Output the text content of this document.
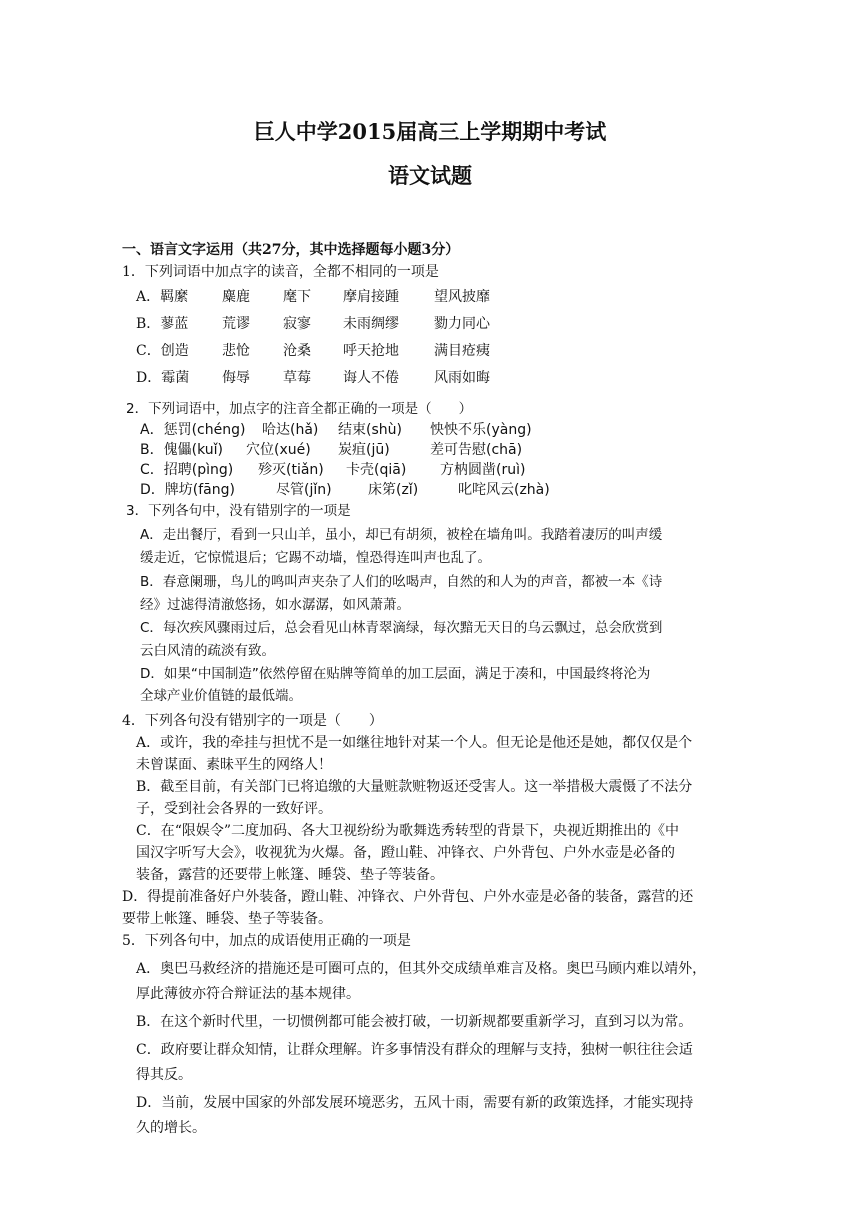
巨人中学2015届高三上学期期中考试
语文试题
一、语言文字运用（共27分，其中选择题每小题3分）
1．下列词语中加点字的读音，全都不相同的一项是
A．羁縻 麋鹿 麾下 摩肩接踵	望风披靡
B．蓼蓝 荒谬 寂寥 未雨绸缪	勠力同心
C．创造 悲怆 沧桑 呼天抢地	满目疮痍
D．霉菌 侮辱 草莓 诲人不倦	风雨如晦
2．下列词语中，加点字的注音全都正确的一项是（　　）
A．惩罚(chéng) 哈达(hǎ) 结束(shù) 怏怏不乐(yàng)
B．傀儡(kuǐ) 穴位(xué) 炭疽(jū)	差可告慰(chā)
C．招聘(pìng) 殄灭(tiǎn) 卡壳(qiā) 方枘圆凿(ruì)
D．牌坊(fāng)	尽管(jǐn)	床笫(zǐ)	叱咤风云(zhà)
3．下列各句中，没有错别字的一项是
A．走出餐厅，看到一只山羊，虽小，却已有胡须，被栓在墙角叫。我踏着凄厉的叫声缓
缓走近，它惊慌退后；它踢不动墙，惶恐得连叫声也乱了。
B．春意阑珊，鸟儿的鸣叫声夹杂了人们的吆喝声，自然的和人为的声音，都被一本《诗
经》过滤得清澈悠扬，如水潺潺，如风萧萧。
C．每次疾风骤雨过后，总会看见山林青翠滴绿，每次黯无天日的乌云飘过，总会欣赏到
云白风清的疏淡有致。
D．如果“中国制造”依然停留在贴牌等简单的加工层面，满足于凑和，中国最终将沦为
全球产业价值链的最低端。
4．下列各句没有错别字的一项是（　　）
A．或许，我的牵挂与担忧不是一如继往地针对某一个人。但无论是他还是她，都仅仅是个
未曾谋面、素昧平生的网络人！
B．截至目前，有关部门已将追缴的大量赃款赃物返还受害人。这一举措极大震慑了不法分
子，受到社会各界的一致好评。
C．在“限娱令”二度加码、各大卫视纷纷为歌舞选秀转型的背景下，央视近期推出的《中
国汉字听写大会》，收视犹为火爆。备，蹬山鞋、冲锋衣、户外背包、户外水壶是必备的
装备，露营的还要带上帐篷、睡袋、垫子等装备。
D．得提前准备好户外装备，蹬山鞋、冲锋衣、户外背包、户外水壶是必备的装备，露营的还
要带上帐篷、睡袋、垫子等装备。
5．下列各句中，加点的成语使用正确的一项是
A．奥巴马救经济的措施还是可圈可点的，但其外交成绩单难言及格。奥巴马顾内难以靖外，
厚此薄彼亦符合辩证法的基本规律。
B．在这个新时代里，一切惯例都可能会被打破，一切新规都要重新学习，直到习以为常。
C．政府要让群众知情，让群众理解。许多事情没有群众的理解与支持，独树一帜往往会适
得其反。
D．当前，发展中国家的外部发展环境恶劣，五风十雨，需要有新的政策选择，才能实现持
久的增长。
